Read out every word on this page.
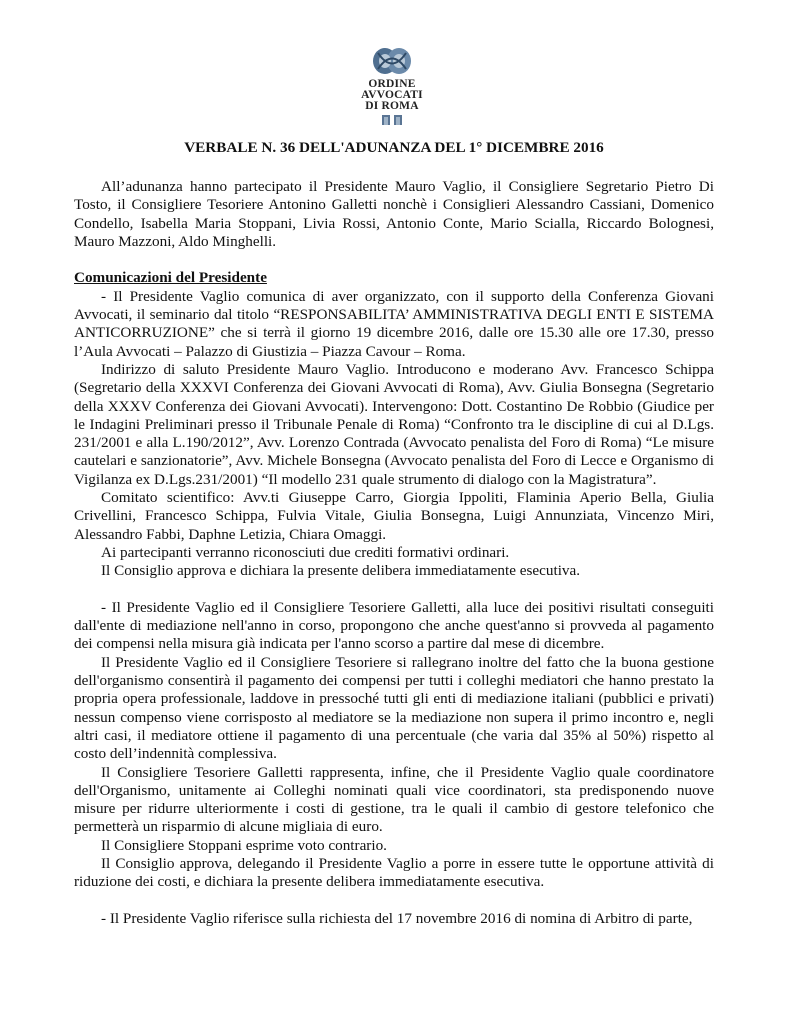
ORDINE
AVVOCATI
DI ROMA
VERBALE N. 36 DELL'ADUNANZA DEL 1° DICEMBRE 2016

All’adunanza hanno partecipato il Presidente Mauro Vaglio, il Consigliere Segretario Pietro Di Tosto, il Consigliere Tesoriere Antonino Galletti nonchè i Consiglieri Alessandro Cassiani, Domenico Condello, Isabella Maria Stoppani, Livia Rossi, Antonio Conte, Mario Scialla, Riccardo Bolognesi, Mauro Mazzoni, Aldo Minghelli.

Comunicazioni del Presidente

- Il Presidente Vaglio comunica di aver organizzato, con il supporto della Conferenza Giovani Avvocati, il seminario dal titolo “RESPONSABILITA’ AMMINISTRATIVA DEGLI ENTI E SISTEMA ANTICORRUZIONE” che si terrà il giorno 19 dicembre 2016, dalle ore 15.30 alle ore 17.30, presso l’Aula Avvocati – Palazzo di Giustizia – Piazza Cavour – Roma.

Indirizzo di saluto Presidente Mauro Vaglio. Introducono e moderano Avv. Francesco Schippa (Segretario della XXXVI Conferenza dei Giovani Avvocati di Roma), Avv. Giulia Bonsegna (Segretario della XXXV Conferenza dei Giovani Avvocati). Intervengono: Dott. Costantino De Robbio (Giudice per le Indagini Preliminari presso il Tribunale Penale di Roma) “Confronto tra le discipline di cui al D.Lgs. 231/2001 e alla L.190/2012”, Avv. Lorenzo Contrada (Avvocato penalista del Foro di Roma) “Le misure cautelari e sanzionatorie”, Avv. Michele Bonsegna (Avvocato penalista del Foro di Lecce e Organismo di Vigilanza ex D.Lgs.231/2001) “Il modello 231 quale strumento di dialogo con la Magistratura”.

Comitato scientifico: Avv.ti Giuseppe Carro, Giorgia Ippoliti, Flaminia Aperio Bella, Giulia Crivellini, Francesco Schippa, Fulvia Vitale, Giulia Bonsegna, Luigi Annunziata, Vincenzo Miri, Alessandro Fabbi, Daphne Letizia, Chiara Omaggi.

Ai partecipanti verranno riconosciuti due crediti formativi ordinari.

Il Consiglio approva e dichiara la presente delibera immediatamente esecutiva.

- Il Presidente Vaglio ed il Consigliere Tesoriere Galletti, alla luce dei positivi risultati conseguiti dall'ente di mediazione nell'anno in corso, propongono che anche quest'anno si provveda al pagamento dei compensi nella misura già indicata per l'anno scorso a partire dal mese di dicembre.

Il Presidente Vaglio ed il Consigliere Tesoriere si rallegrano inoltre del fatto che la buona gestione dell'organismo consentirà il pagamento dei compensi per tutti i colleghi mediatori che hanno prestato la propria opera professionale, laddove in pressoché tutti gli enti di mediazione italiani (pubblici e privati) nessun compenso viene corrisposto al mediatore se la mediazione non supera il primo incontro e, negli altri casi, il mediatore ottiene il pagamento di una percentuale (che varia dal 35% al 50%) rispetto al costo dell’indennità complessiva.

Il Consigliere Tesoriere Galletti rappresenta, infine, che il Presidente Vaglio quale coordinatore dell'Organismo, unitamente ai Colleghi nominati quali vice coordinatori, sta predisponendo nuove misure per ridurre ulteriormente i costi di gestione, tra le quali il cambio di gestore telefonico che permetterà un risparmio di alcune migliaia di euro.

Il Consigliere Stoppani esprime voto contrario.

Il Consiglio approva, delegando il Presidente Vaglio a porre in essere tutte le opportune attività di riduzione dei costi, e dichiara la presente delibera immediatamente esecutiva.

- Il Presidente Vaglio riferisce sulla richiesta del 17 novembre 2016 di nomina di Arbitro di parte,
